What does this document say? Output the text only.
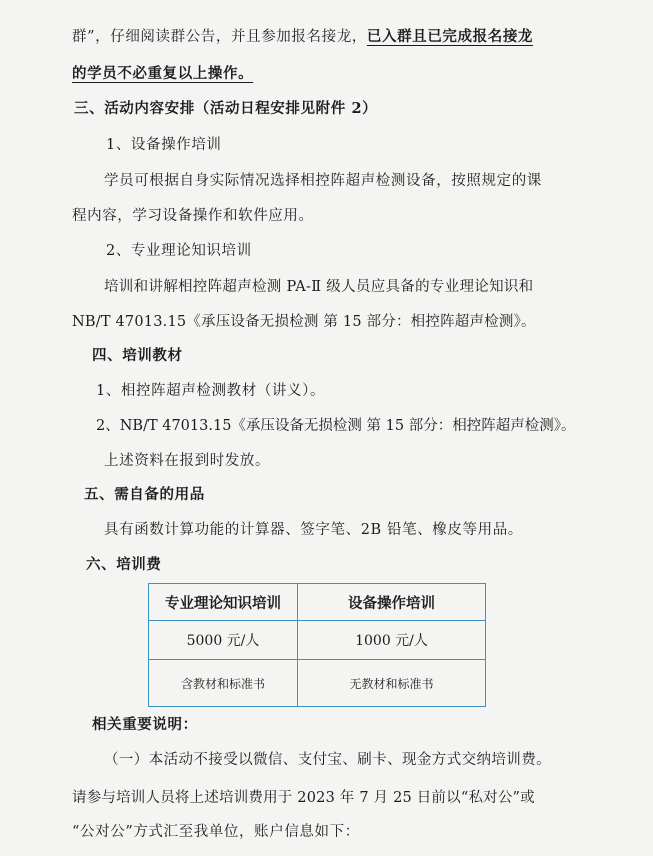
群”，仔细阅读群公告，并且参加报名接龙，已入群且已完成报名接龙
的学员不必重复以上操作。
三、活动内容安排（活动日程安排见附件 2）
1、设备操作培训
学员可根据自身实际情况选择相控阵超声检测设备，按照规定的课
程内容，学习设备操作和软件应用。
2、专业理论知识培训
培训和讲解相控阵超声检测 PA-Ⅱ 级人员应具备的专业理论知识和
NB/T 47013.15《承压设备无损检测 第 15 部分：相控阵超声检测》。
四、培训教材
1、相控阵超声检测教材（讲义）。
2、NB/T 47013.15《承压设备无损检测 第 15 部分：相控阵超声检测》。
上述资料在报到时发放。
五、需自备的用品
具有函数计算功能的计算器、签字笔、2B 铅笔、橡皮等用品。
六、培训费
专业理论知识培训	设备操作培训
5000 元/人	1000 元/人
含教材和标准书	无教材和标准书
相关重要说明：
（一）本活动不接受以微信、支付宝、刷卡、现金方式交纳培训费。
请参与培训人员将上述培训费用于 2023 年 7 月 25 日前以“私对公”或
“公对公”方式汇至我单位，账户信息如下：
